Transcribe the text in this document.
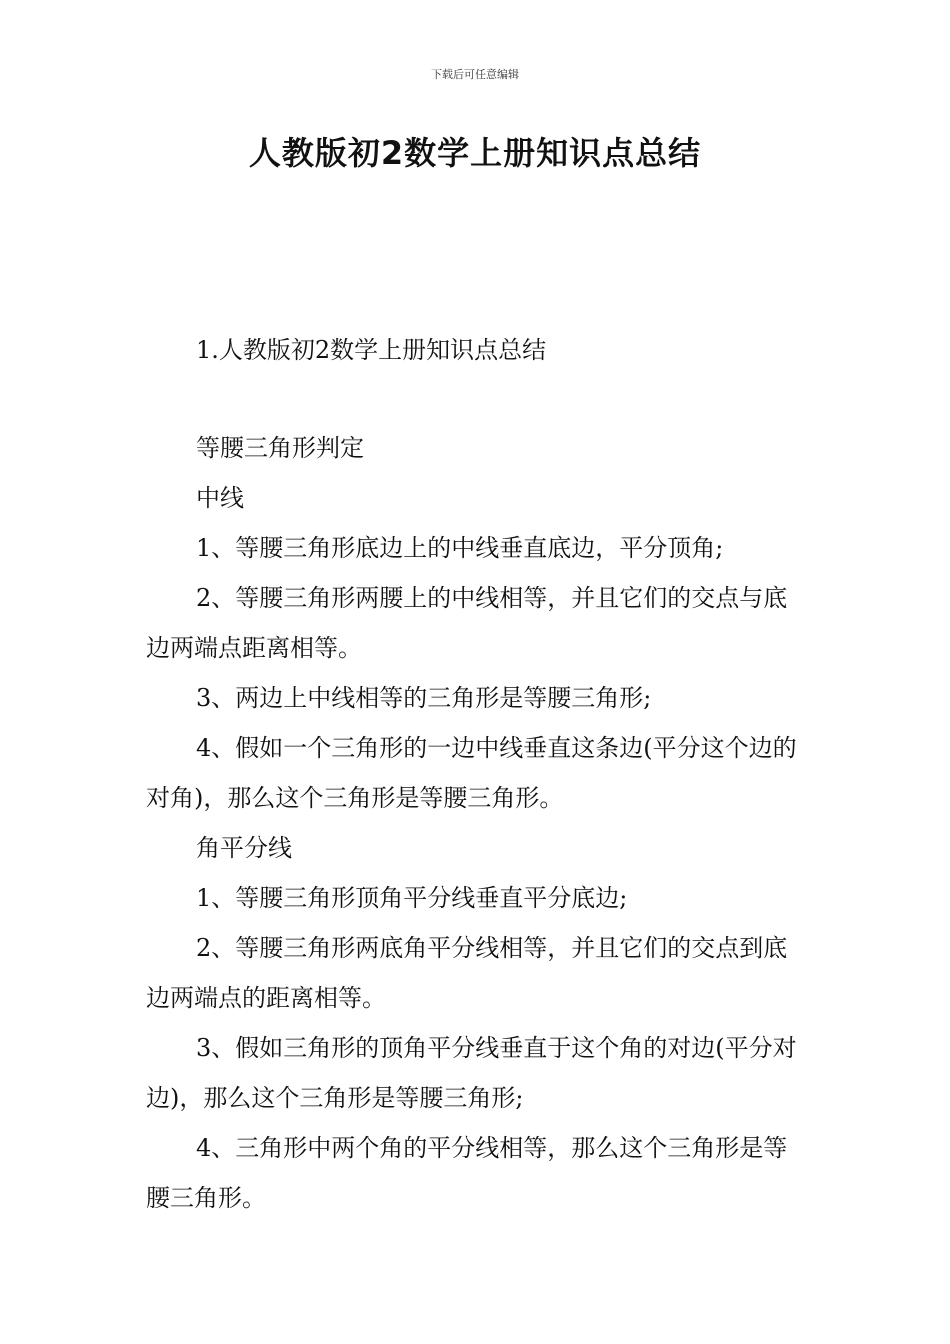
下载后可任意编辑
人教版初2数学上册知识点总结

1.人教版初2数学上册知识点总结

等腰三角形判定

中线

1、等腰三角形底边上的中线垂直底边，平分顶角;

2、等腰三角形两腰上的中线相等，并且它们的交点与底边两端点距离相等。

3、两边上中线相等的三角形是等腰三角形;

4、假如一个三角形的一边中线垂直这条边(平分这个边的对角)，那么这个三角形是等腰三角形。

角平分线

1、等腰三角形顶角平分线垂直平分底边;

2、等腰三角形两底角平分线相等，并且它们的交点到底边两端点的距离相等。

3、假如三角形的顶角平分线垂直于这个角的对边(平分对边)，那么这个三角形是等腰三角形;

4、三角形中两个角的平分线相等，那么这个三角形是等腰三角形。
